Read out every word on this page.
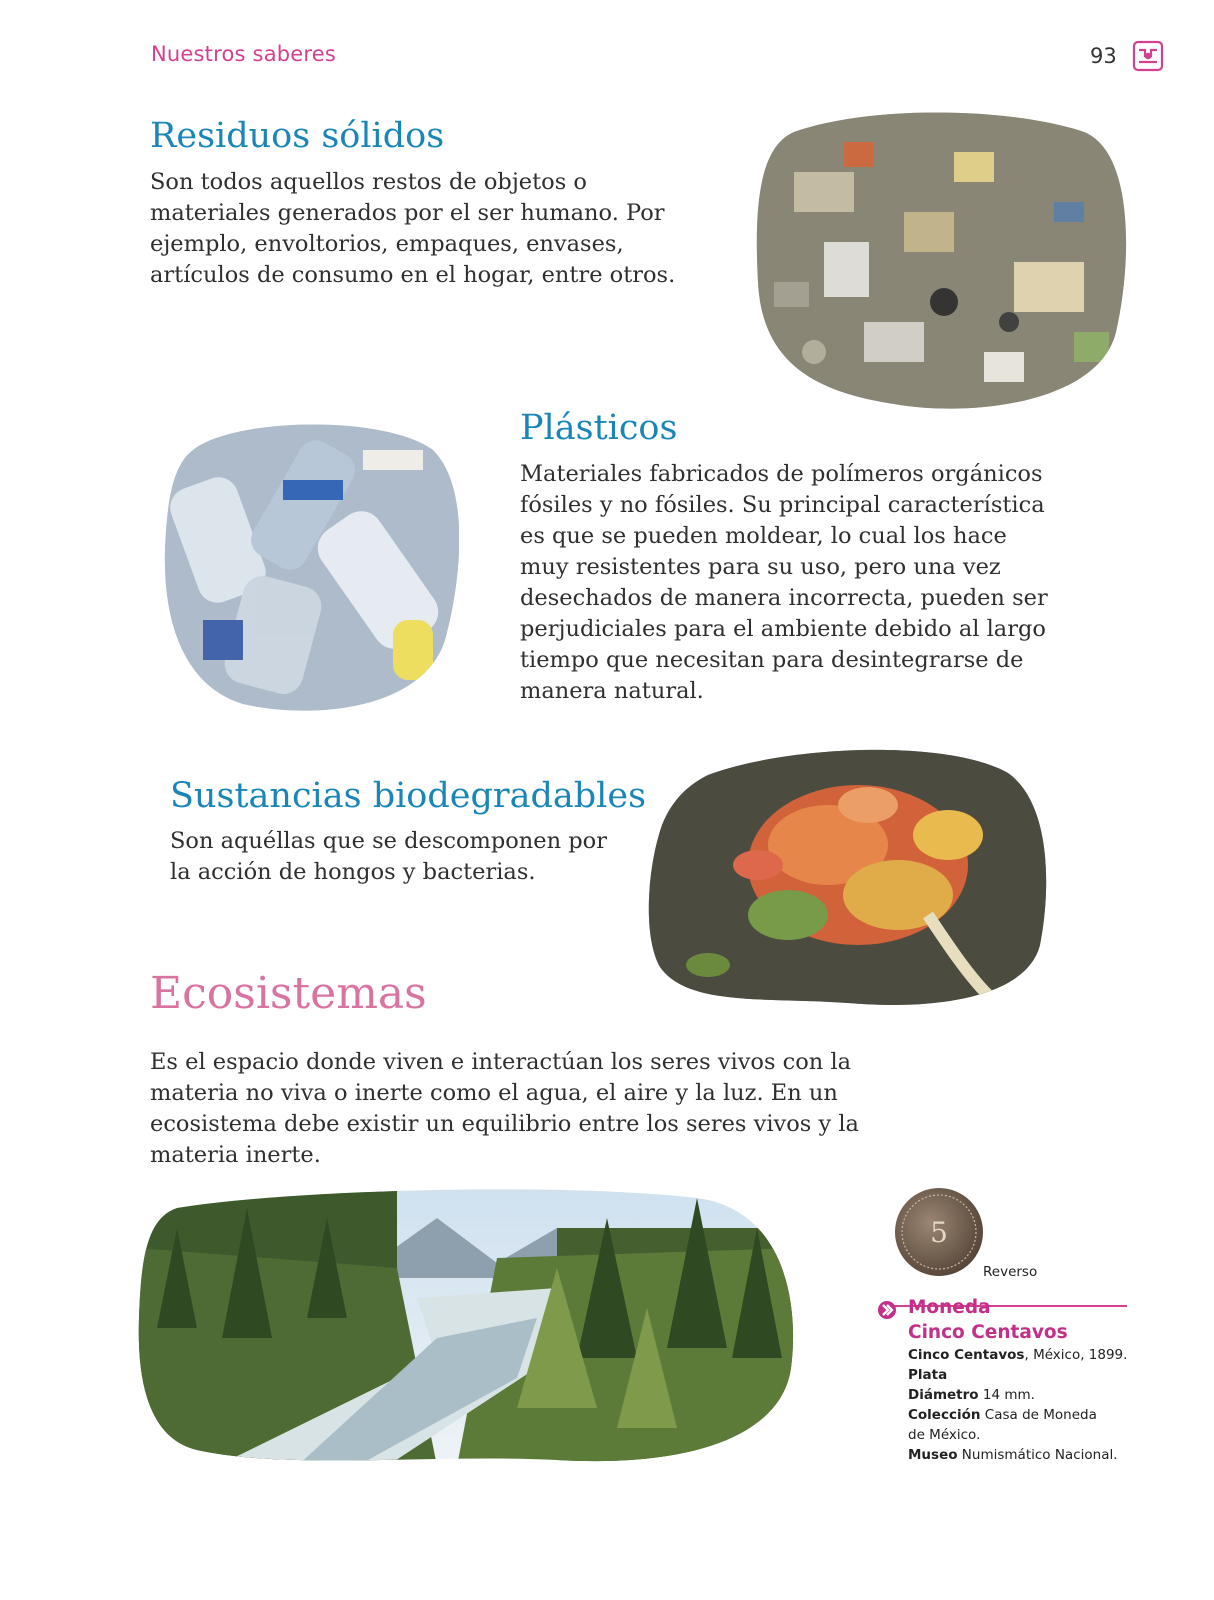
Nuestros saberes	93
Residuos sólidos
Son todos aquellos restos de objetos o
materiales generados por el ser humano. Por
ejemplo, envoltorios, empaques, envases,
artículos de consumo en el hogar, entre otros.
Plásticos
Materiales fabricados de polímeros orgánicos
fósiles y no fósiles. Su principal característica
es que se pueden moldear, lo cual los hace
muy resistentes para su uso, pero una vez
desechados de manera incorrecta, pueden ser
perjudiciales para el ambiente debido al largo
tiempo que necesitan para desintegrarse de
manera natural.
Sustancias biodegradables
Son aquéllas que se descomponen por
la acción de hongos y bacterias.
Ecosistemas
Es el espacio donde viven e interactúan los seres vivos con la
materia no viva o inerte como el agua, el aire y la luz. En un
ecosistema debe existir un equilibrio entre los seres vivos y la
materia inerte.
5
Reverso
Moneda
Cinco Centavos
Cinco Centavos, México, 1899.
Plata
Diámetro 14 mm.
Colección Casa de Moneda
de México.
Museo Numismático Nacional.
